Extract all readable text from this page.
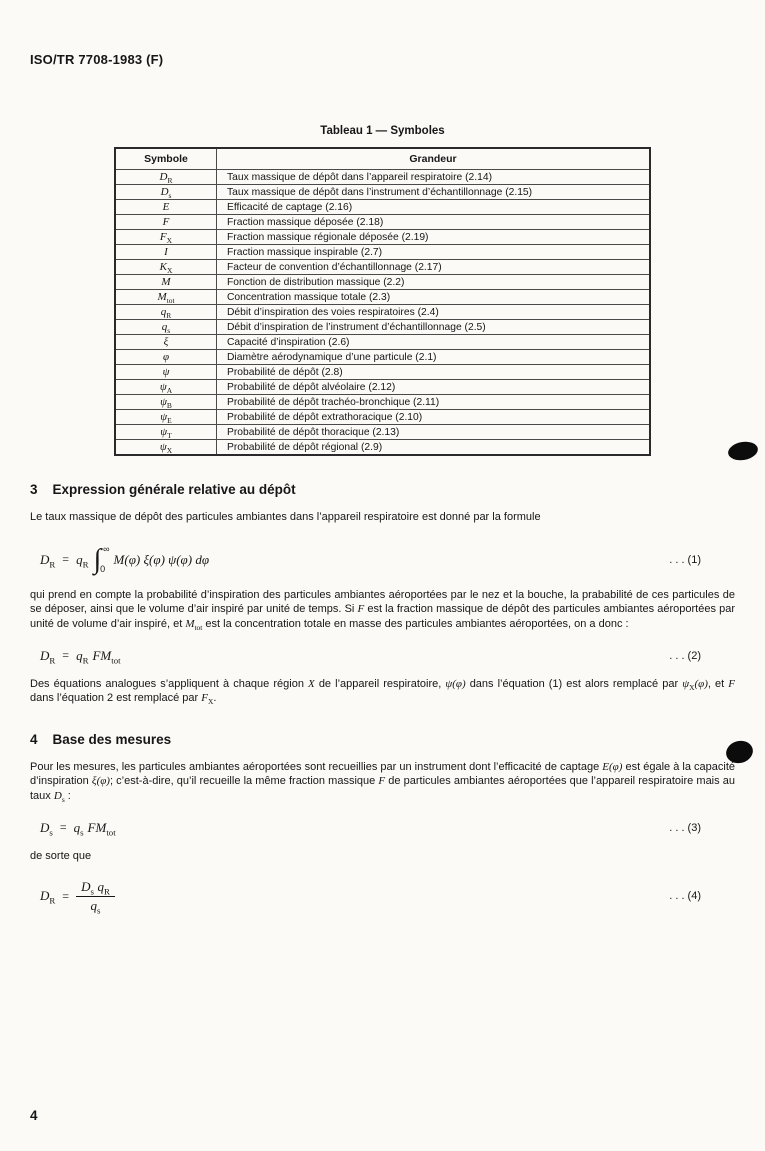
ISO/TR 7708-1983 (F)
Tableau 1 — Symboles
Symbole	Grandeur
$D_R$	Taux massique de dépôt dans l’appareil respiratoire (2.14)
$D_s$	Taux massique de dépôt dans l’instrument d’échantillonnage (2.15)
E	Efficacité de captage (2.16)
F	Fraction massique déposée (2.18)
$F_X$	Fraction massique régionale déposée (2.19)
I	Fraction massique inspirable (2.7)
$K_X$	Facteur de convention d’échantillonnage (2.17)
M	Fonction de distribution massique (2.2)
$M_{tot}$	Concentration massique totale (2.3)
$q_R$	Débit d’inspiration des voies respiratoires (2.4)
$q_s$	Débit d’inspiration de l’instrument d’échantillonnage (2.5)
ξ	Capacité d’inspiration (2.6)
φ	Diamètre aérodynamique d’une particule (2.1)
ψ	Probabilité de dépôt (2.8)
$\psi_A$	Probabilité de dépôt alvéolaire (2.12)
$\psi_B$	Probabilité de dépôt trachéo-bronchique (2.11)
$\psi_E$	Probabilité de dépôt extrathoracique (2.10)
$\psi_T$	Probabilité de dépôt thoracique (2.13)
$\psi_X$	Probabilité de dépôt régional (2.9)
3 Expression générale relative au dépôt

Le taux massique de dépôt des particules ambiantes dans l’appareil respiratoire est donné par la formule

$D_R = q_R$ ∫ ∞
0
M(φ) ξ(φ) ψ(φ) dφ	. . . (1)

qui prend en compte la probabilité d’inspiration des particules ambiantes aéroportées par le nez et la bouche, la prababilité de ces particules de se déposer, ainsi que le volume d’air inspiré par unité de temps. Si F est la fraction massique de dépôt des particules ambiantes aéroportées par unité de volume d’air inspiré, et $M_{tot}$ est la concentration totale en masse des particules ambiantes aéroportées, on a donc :

$D_R = q_R$ F $M_{tot}$	. . . (2)

Des équations analogues s’appliquent à chaque région X de l’appareil respiratoire, ψ(φ) dans l’équation (1) est alors remplacé par $\psi_X(\varphi)$, et F dans l’équation 2 est remplacé par $F_X$.

4 Base des mesures

Pour les mesures, les particules ambiantes aéroportées sont recueillies par un instrument dont l’efficacité de captage E(φ) est égale à la capacité d’inspiration ξ(φ); c’est-à-dire, qu’il recueille la même fraction massique F de particules ambiantes aéroportées que l’appareil respiratoire mais au taux $D_s$ :

$D_s = q_s$ F $M_{tot}$	. . . (3)

de sorte que

$D_R = \frac{D_s q_R}{q_s}$	. . . (4)
4
